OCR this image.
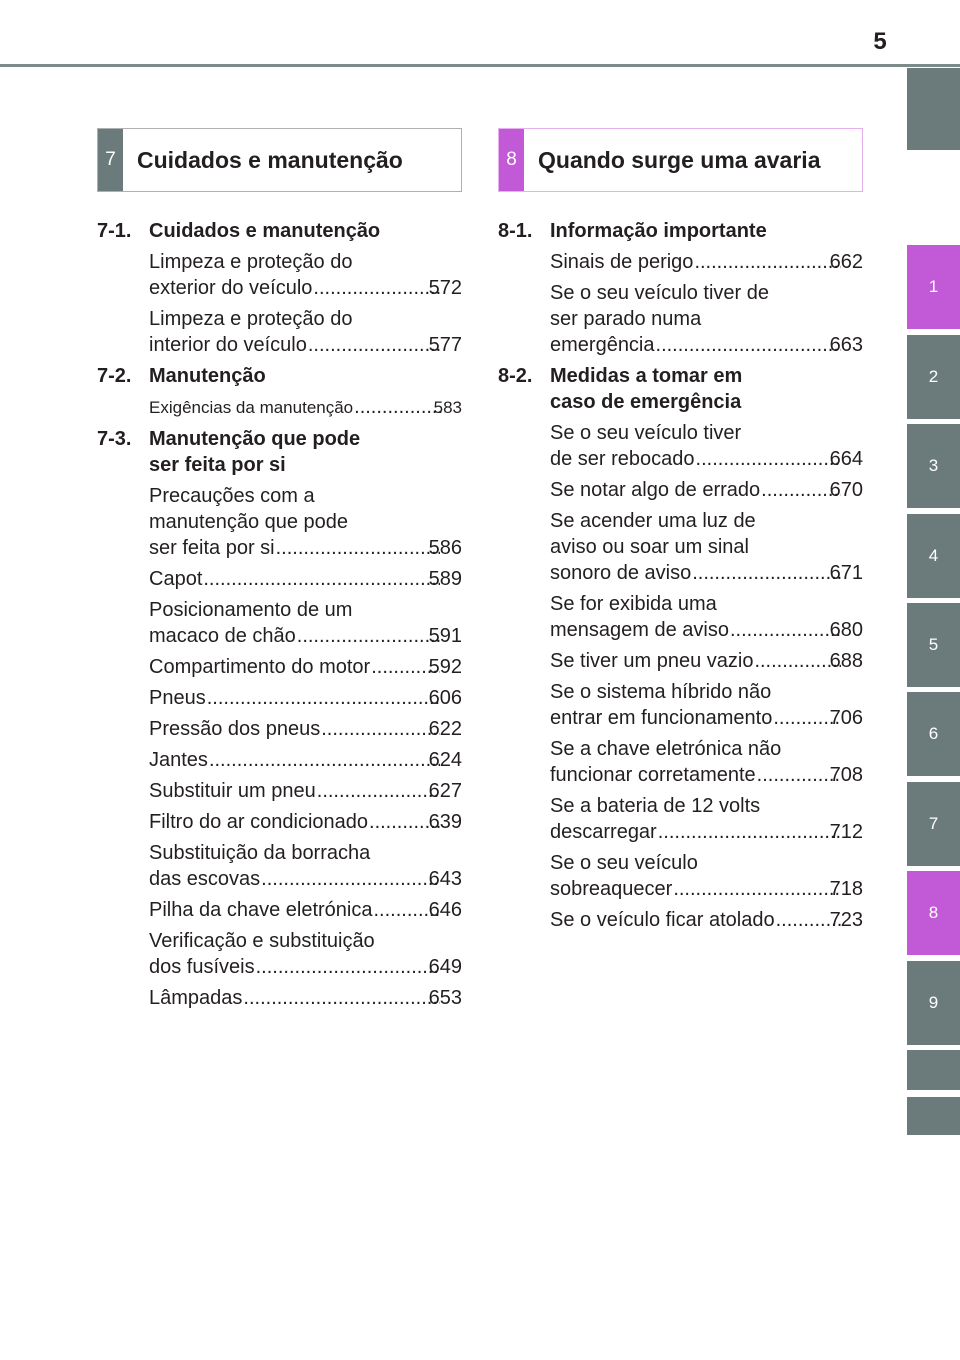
5
1
2
3
4
5
6
7
8
9
7 Cuidados e manutenção
7-1. Cuidados e manutenção
Limpeza e proteção do
exterior do veículo .....	572
Limpeza e proteção do
interior do veículo .....	577
7-2. Manutenção
Exigências da manutenção .....	583
7-3. Manutenção que pode
ser feita por si
Precauções com a
manutenção que pode
ser feita por si .....	586
Capot .....	589
Posicionamento de um
macaco de chão .....	591
Compartimento do motor .....	592
Pneus .....	606
Pressão dos pneus .....	622
Jantes .....	624
Substituir um pneu .....	627
Filtro do ar condicionado .....	639
Substituição da borracha
das escovas .....	643
Pilha da chave eletrónica .....	646
Verificação e substituição
dos fusíveis .....	649
Lâmpadas .....	653
8 Quando surge uma avaria
8-1. Informação importante
Sinais de perigo .....	662
Se o seu veículo tiver de
ser parado numa
emergência .....	663
8-2. Medidas a tomar em
caso de emergência
Se o seu veículo tiver
de ser rebocado .....	664
Se notar algo de errado .....	670
Se acender uma luz de
aviso ou soar um sinal
sonoro de aviso .....	671
Se for exibida uma
mensagem de aviso .....	680
Se tiver um pneu vazio .....	688
Se o sistema híbrido não
entrar em funcionamento .....	706
Se a chave eletrónica não
funcionar corretamente .....	708
Se a bateria de 12 volts
descarregar .....	712
Se o seu veículo
sobreaquecer .....	718
Se o veículo ficar atolado .....	723
